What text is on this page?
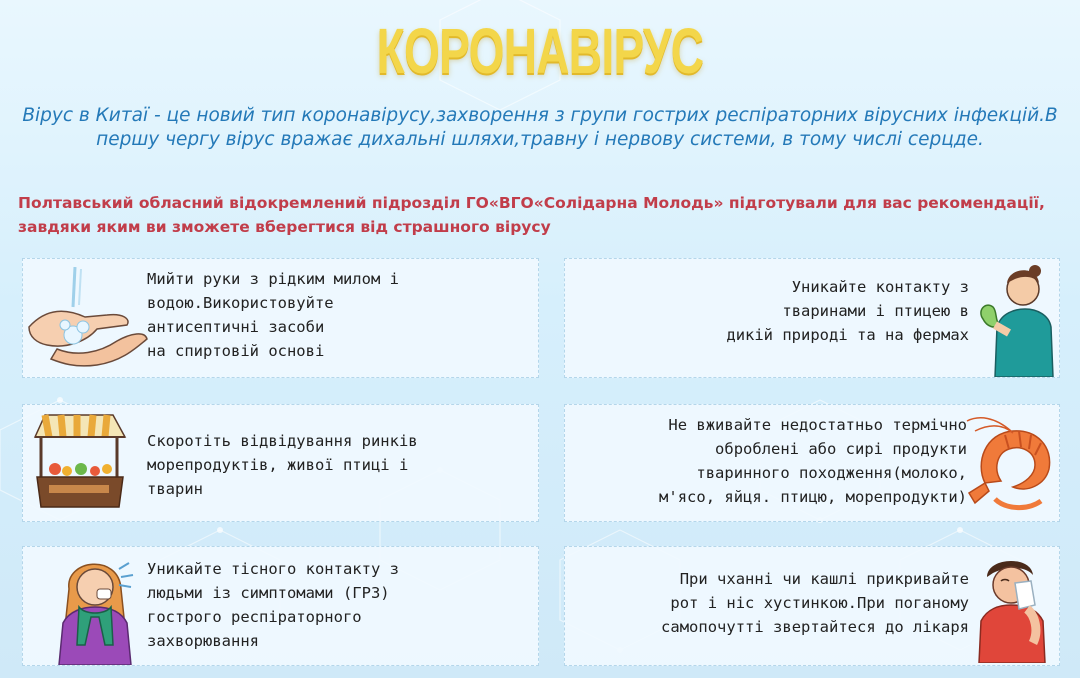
КОРОНАВІРУС
Вірус в Китаї - це новий тип коронавірусу,захворення з групи гострих респіраторних вірусних інфекцій.В першу чергу вірус вражає дихальні шляхи,травну і нервову системи, в тому числі серцде.
Полтавський обласний відокремлений підрозділ ГО«ВГО«Солідарна Молодь» підготували для вас рекомендації, завдяки яким ви зможете вберегтися від страшного вірусу
Мийти руки з рідким милом і
водою.Використовуйте
антисептичні засоби
на спиртовій основі
Уникайте контакту з
тваринами і птицею в
дикій природі та на фермах
Скоротіть відвідування ринків
морепродуктів, живої птиці і
тварин
Не вживайте недостатньо термічно
оброблені або сирі продукти
тваринного походження(молоко,
м'ясо, яйця. птицю, морепродукти)
Уникайте тісного контакту з
людьми із симптомами (ГРЗ)
гострого респіраторного
захворювання
При чханні чи кашлі прикривайте
рот і ніс хустинкою.При поганому
самопочутті звертайтеся до лікаря
